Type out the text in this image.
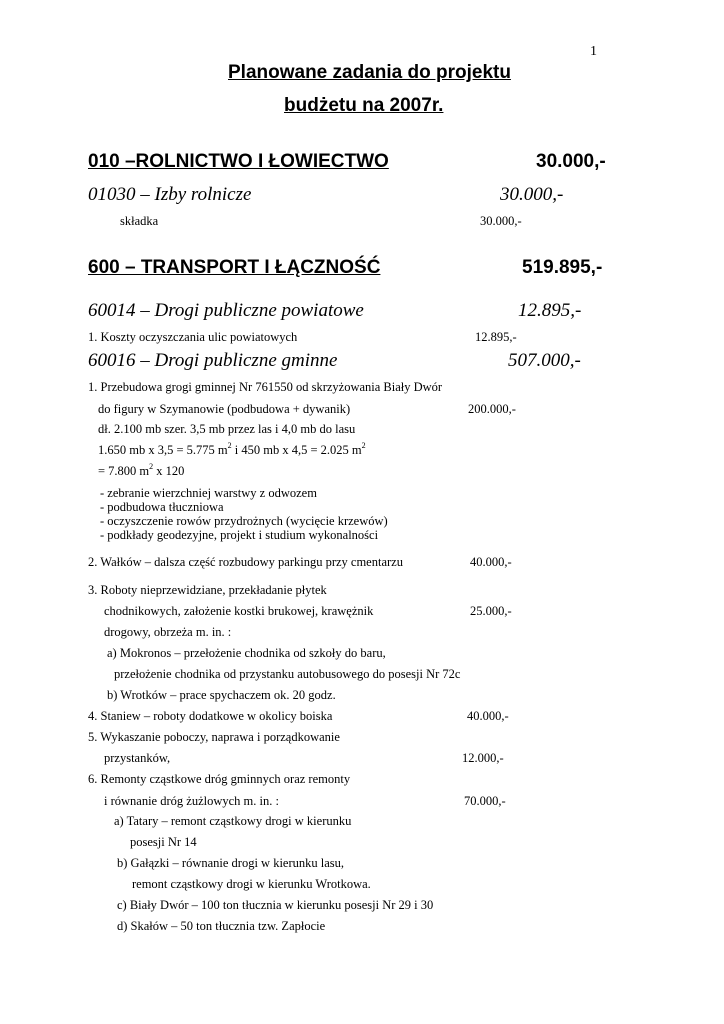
1
Planowane zadania do projektu
budżetu na 2007r.
010 –ROLNICTWO I ŁOWIECTWO	30.000,-
01030 – Izby rolnicze	30.000,-
składka	30.000,-
600 – TRANSPORT I ŁĄCZNOŚĆ	519.895,-
60014 – Drogi publiczne powiatowe	12.895,-
1. Koszty oczyszczania ulic powiatowych	12.895,-
60016 – Drogi publiczne gminne	507.000,-
1. Przebudowa grogi gminnej Nr 761550 od skrzyżowania Biały Dwór
do figury w Szymanowie (podbudowa + dywanik)	200.000,-
dł. 2.100 mb szer. 3,5 mb przez las i 4,0 mb do lasu
1.650 mb x 3,5 = 5.775 $m^2$ i 450 mb x 4,5 = 2.025 $m^2$
= 7.800 $m^2$ x 120
- zebranie wierzchniej warstwy z odwozem
- podbudowa tłuczniowa
- oczyszczenie rowów przydrożnych (wycięcie krzewów)
- podkłady geodezyjne, projekt i studium wykonalności
2. Wałków – dalsza część rozbudowy parkingu przy cmentarzu	40.000,-
3. Roboty nieprzewidziane, przekładanie płytek
chodnikowych, założenie kostki brukowej, krawężnik	25.000,-
drogowy, obrzeża m. in. :
a) Mokronos – przełożenie chodnika od szkoły do baru,
przełożenie chodnika od przystanku autobusowego do posesji Nr 72c
b) Wrotków – prace spychaczem ok. 20 godz.
4. Staniew – roboty dodatkowe w okolicy boiska	40.000,-
5. Wykaszanie poboczy, naprawa i porządkowanie
przystanków,	12.000,-
6. Remonty cząstkowe dróg gminnych oraz remonty
i równanie dróg żużlowych m. in. :	70.000,-
a) Tatary – remont cząstkowy drogi w kierunku
posesji Nr 14
b) Gałązki – równanie drogi w kierunku lasu,
remont cząstkowy drogi w kierunku Wrotkowa.
c) Biały Dwór – 100 ton tłucznia w kierunku posesji Nr 29 i 30
d) Skałów – 50 ton tłucznia tzw. Zapłocie
